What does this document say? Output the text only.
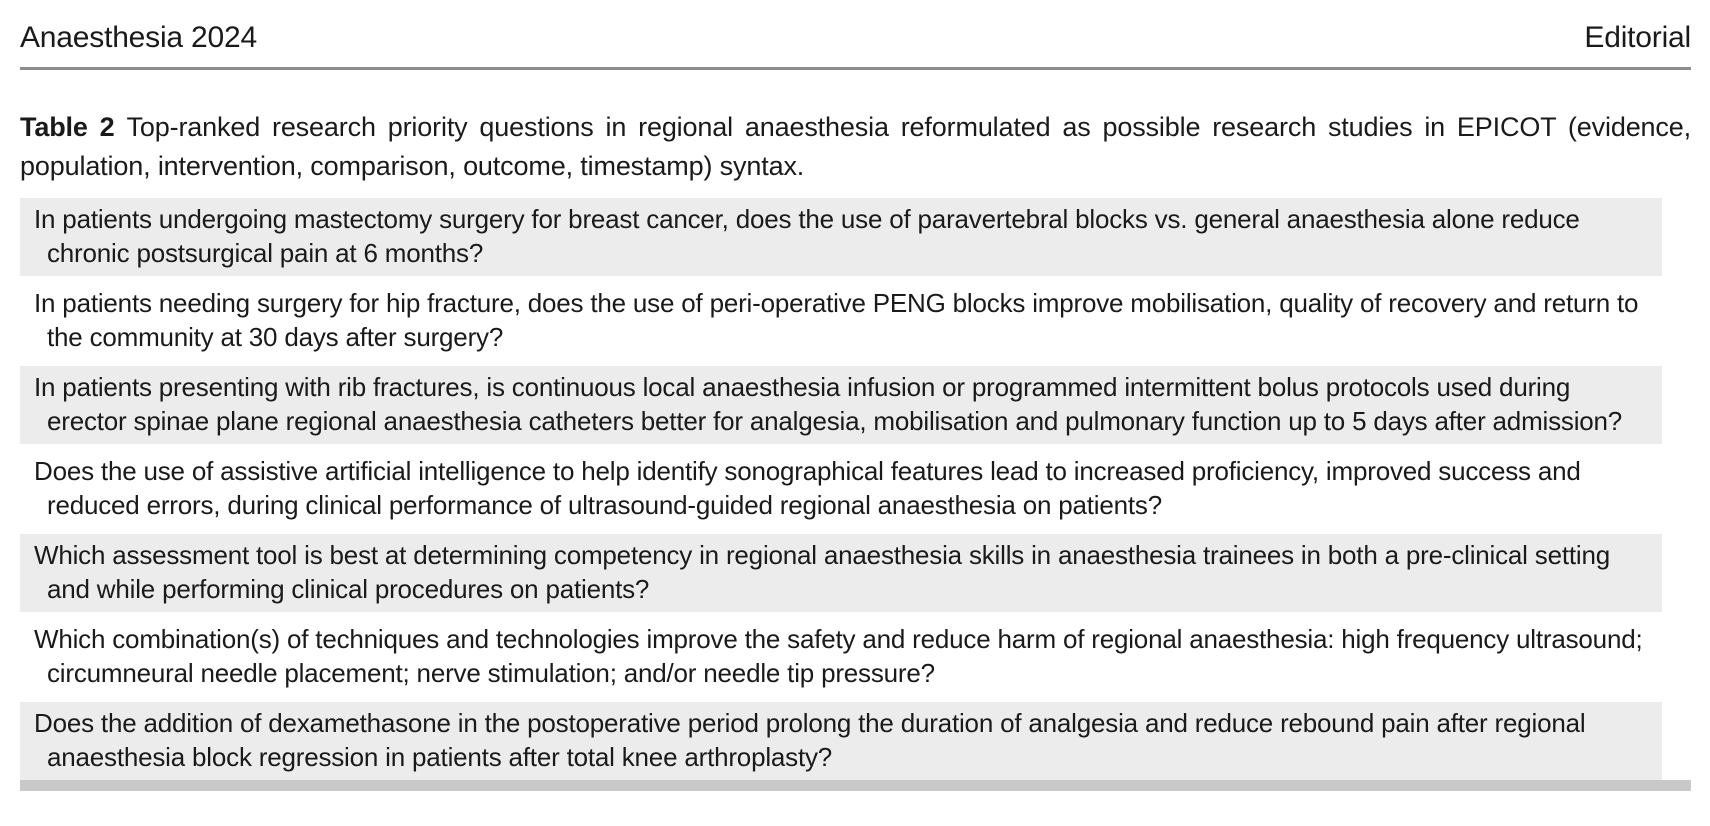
Anaesthesia 2024	Editorial
Table 2 Top-ranked research priority questions in regional anaesthesia reformulated as possible research studies in EPICOT (evidence, population, intervention, comparison, outcome, timestamp) syntax.
In patients undergoing mastectomy surgery for breast cancer, does the use of paravertebral blocks vs. general anaesthesia alone reduce chronic postsurgical pain at 6 months?
In patients needing surgery for hip fracture, does the use of peri-operative PENG blocks improve mobilisation, quality of recovery and return to the community at 30 days after surgery?
In patients presenting with rib fractures, is continuous local anaesthesia infusion or programmed intermittent bolus protocols used during erector spinae plane regional anaesthesia catheters better for analgesia, mobilisation and pulmonary function up to 5 days after admission?
Does the use of assistive artificial intelligence to help identify sonographical features lead to increased proficiency, improved success and reduced errors, during clinical performance of ultrasound-guided regional anaesthesia on patients?
Which assessment tool is best at determining competency in regional anaesthesia skills in anaesthesia trainees in both a pre-clinical setting and while performing clinical procedures on patients?
Which combination(s) of techniques and technologies improve the safety and reduce harm of regional anaesthesia: high frequency ultrasound; circumneural needle placement; nerve stimulation; and/or needle tip pressure?
Does the addition of dexamethasone in the postoperative period prolong the duration of analgesia and reduce rebound pain after regional anaesthesia block regression in patients after total knee arthroplasty?
